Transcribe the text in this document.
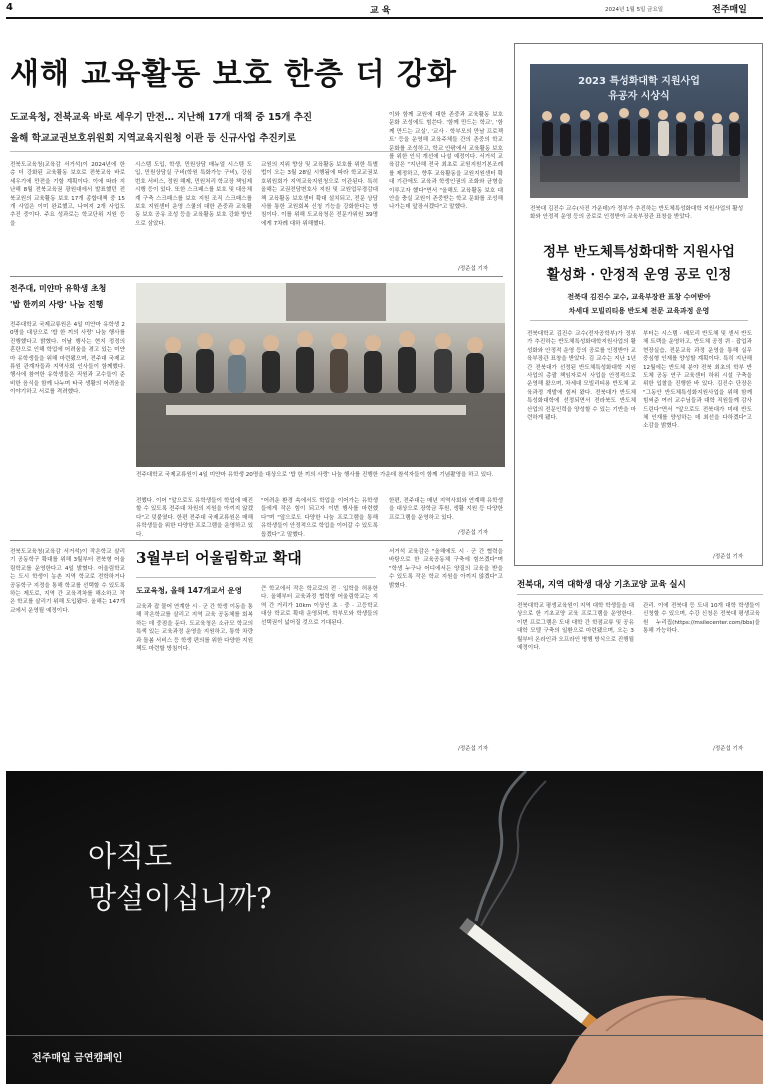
4	교 육	2024년 1월 5일 금요일	전주매일
새해 교육활동 보호 한층 더 강화
도교육청, 전북교육 바로 세우기 만전… 지난해 17개 대책 중 15개 추진
올해 학교교권보호위원회 지역교육지원청 이관 등 신규사업 추진키로
전북도교육청(교육감 서거석)이 2024년에 한층 더 강화된 교육활동 보호로 전북교육 바로 세우기에 만전을 기할 계획이다. 이에 따라 지난해 8월 전북교육권 광원대에서 발표했던 전북교원의 교육활동 보호 17개 종합대책 중 15개 사업은 이미 완료했고, 나머지 2개 사업도 추진 중이다. 주요 성과로는 학교단위 지원 등을
시스템 도입, 학생, 민원상담 매뉴얼 시스템 도입, 민원상담실 구비(학원 특화가능 구비), 강심번호 서비스, 정원 해제, 민원처리 학교장 책임제 시행 등이 있다. 또한 스크패스를 보호 및 대응체계 구축 스크패스를 보호 지원 조직 스크패스를 보호 지원센터 운영 스쿨의 대한 존중과 교육활동 보호 공유 조성 등을 교육활동 보호 강화 방안으로 삼았다.
교원의 지위 향상 및 교육활동 보호를 위한 특별법이 오는 3월 28일 시행됨에 따라 학교교권보호위원회가 지역교육지원청으로 이관된다. 특히 올해는 교권전담변호사 지원 및 교원업무경감대책 교육활동 보호센터 확대 설치되고, 전문 상담사를 통한 교원회복 신청 기능을 강화한다는 방침이다. 이를 위해 도교육청은 전문가위원 39명에게 7차례 대하 위해했다.
이와 함께 교원에 대한 존중과 교육활동 보호 문화 조성에도 힘쓴다. '함께 만드는 학교', '함께 만드는 교실', '교사 · 학부모의 만남 프로젝트' 등을 운영해 교육주체들 간의 존중의 학교 문화를 조성하고, 학교 안팎에서 교육활동 보호를 위한 인식 개선에 나설 예정이다. 서거석 교육감은 "지난해 전국 최초로 교원지원기본조례를 제정하고, 향후 교육활동을 교원지원센터 확대 기관에도 교육과 학생인권의 조화와 균형을 이루고자 했다"면서 "올해도 교육활동 보호 대안을 충실 교원이 존중받는 학교 문화를 조성해 나가는데 앞장서겠다"고 말했다.
/정준섭 기자
2023 특성화대학 지원사업 유공자 시상식
전북대 김진수 교수(사진 가운데)가 정부가 추진하는 반도체특성화대학 지원사업의 활성화와 안정적 운영 등의 공로로 인정받아 교육부장관 표창을 받았다.
정부 반도체특성화대학 지원사업
활성화 · 안정적 운영 공로 인정
전북대 김진수 교수, 교육부장관 표창 수여받아
차세대 모빌리티용 반도체 전문 교육과정 운영
전북대학교 김진수 교수(전자공학부)가 정부가 추진하는 반도체특성화대학지원사업의 활성화와 안정적 운영 등의 공로를 인정받아 교육부장관 표창을 받았다. 김 교수는 지난 1년간 전북대가 선정된 반도체특성화대학 지원사업의 총괄 책임자로서 사업을 안정적으로 운영해 왔으며, 차세대 모빌리티용 반도체 교육과정 개발에 힘써 왔다. 전북대가 반도체 특성화대학에 선정되면서 전라북도 반도체 산업의 전문인력을 양성할 수 있는 기반을 마련하게 됐다.
부터는 시스템 · 메모리 반도체 및 센서 반도체 트랙을 운영하고, 반도체 공정 퀴 · 잡업과 현장실습, 전문교육 과정 운영을 통해 실무 중심형 인재를 양성할 계획이다. 특히 지난해 12월에는 반도체 분야 전북 최초의 학부 반도체 공동 연구 교육센터 하위 시설 구축을 위한 입찰을 진행한 바 있다. 김진수 단장은 "그동안 반도체특성화지원사업을 위해 함께 힘써준 여러 교수님들과 대학 직원들께 감사드린다"면서 "앞으로도 전북대가 미래 반도체 인재를 양성하는 데 최선을 다하겠다"고 소감을 밝혔다.
/정준섭 기자
전주대, 미얀마 유학생 초청
'밥 한끼의 사랑' 나눔 진행
전주대학교 국제교류원은 4일 미얀마 유학생 20명을 대상으로 '밥 한 끼의 사랑' 나눔 행사를 진행했다고 밝혔다. 이날 행사는 현지 정정의 혼란으로 인해 학업에 어려움을 겪고 있는 미얀마 유학생들을 위해 마련됐으며, 전주대 국제교류원 관계자들과 지역사회 인사들이 함께했다. 행사에 참여한 유학생들은 직원과 교수들이 준비한 음식을 함께 나누며 타국 생활의 어려움을 이야기하고 서로를 격려했다.
전주대학교 국제교류원이 4일 미얀마 유학생 20명을 대상으로 '밥 한 끼의 사랑' 나눔 행사를 진행한 가운데 참석자들이 함께 기념촬영을 하고 있다.
전했다. 이어 "앞으로도 유학생들이 학업에 매진할 수 있도록 전주대 차원의 지원을 아끼지 않겠다"고 덧붙였다. 한편 전주대 국제교류원은 매해 유학생들을 위한 다양한 프로그램을 운영하고 있다.
"어려운 환경 속에서도 학업을 이어가는 유학생들에게 작은 힘이 되고자 이번 행사를 마련했다"며 "앞으로도 다양한 나눔 프로그램을 통해 유학생들이 안정적으로 학업을 이어갈 수 있도록 돕겠다"고 말했다.
한편, 전주대는 매년 지역사회와 연계해 유학생을 대상으로 장학금 후원, 생활 지원 등 다양한 프로그램을 운영하고 있다.
/정준섭 기자
전북도교육청(교육감 서거석)이 작은학교 살리기 공동학구 확대를 위해 3월부터 전북형 어울림학교를 운영한다고 4일 밝혔다. 어울림학교는 도시 학생이 농촌 지역 학교로 전학하거나 공동학구 지정을 통해 학교를 선택할 수 있도록 하는 제도로, 지역 간 교육격차를 해소하고 작은 학교를 살리기 위해 도입됐다. 올해는 147개교에서 운영될 예정이다.
3월부터 어울림학교 확대
도교육청, 올해 147개교서 운영
교육과 잡 물어 연계한 시 · 군 간 학생 이동을 통해 작은학교를 살리고 지역 교육 공동체를 회복하는 데 중점을 둔다. 도교육청은 소규모 학교의 특색 있는 교육과정 운영을 지원하고, 통학 차량과 돌봄 서비스 등 학생 편의를 위한 다양한 지원책도 마련할 방침이다.
큰 학교에서 작은 학교로의 전 · 입학을 허용한다. 올해부터 교육과정 협력형 어울림학교는 지역 간 거리가 10km 이상인 초 · 중 · 고등학교 대상 학교로 확대 운영되며, 학부모와 학생들의 선택권이 넓어질 것으로 기대된다.
서거석 교육감은 "올해에도 시 · 군 간 협력을 바탕으로 한 교육공동체 구축에 힘쓰겠다"며 "학생 누구나 어디에서든 양질의 교육을 받을 수 있도록 작은 학교 지원을 아끼지 않겠다"고 밝혔다.
/정준섭 기자
전북대, 지역 대학생 대상 기초교양 교육 실시
전북대학교 평생교육원이 지역 대학 학생들을 대상으로 한 기초교양 교육 프로그램을 운영한다. 이번 프로그램은 도내 대학 간 학점교류 및 공유대학 모델 구축의 일환으로 마련됐으며, 오는 3월부터 온라인과 오프라인 병행 방식으로 진행될 예정이다.
관리. 이에 전북대 등 도내 10개 대학 학생들이 신청할 수 있으며, 수강 신청은 전북대 평생교육원 누리집(https://msilecenter.com/bbs)을 통해 가능하다.
/정준섭 기자
아직도
망설이십니까?
전주매일 금연캠페인
